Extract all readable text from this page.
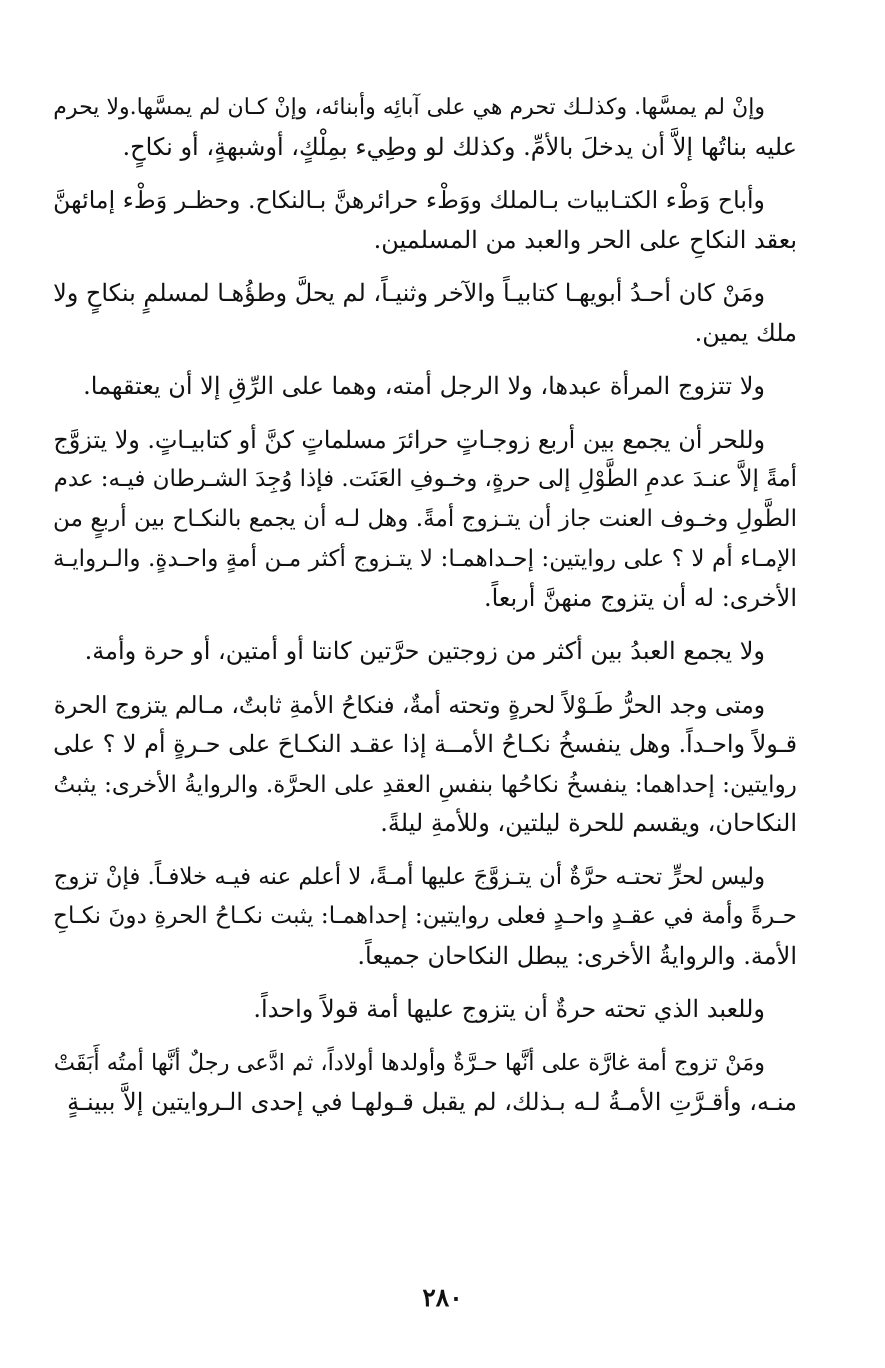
وإنْ لم يمسَّها. وكذلـك تحرم هي على آبائِه وأبنائه، وإنْ كـان لم يمسَّها.ولا يحرم
عليه بناتُها إلاَّ أن يدخلَ بالأمِّ. وكذلك لو وطِيء بمِلْكٍ، أوشبهةٍ، أو نكاحٍ.

وأباح وَطْء الكتـابيات بـالملك ووَطْء حرائرهنَّ بـالنكاح. وحظـر وَطْء إمائهنَّ
بعقد النكاحِ على الحر والعبد من المسلمين.

ومَنْ كان أحـدُ أبويهـا كتابيـاً والآخر وثنيـاً، لم يحلَّ وطؤُهـا لمسلمٍ بنكاحٍ ولا
ملك يمين.

ولا تتزوج المرأة عبدها، ولا الرجل أمته، وهما على الرِّقِ إلا أن يعتقهما.

وللحر أن يجمع بين أربع زوجـاتٍ حرائرَ مسلماتٍ كنَّ أو كتابيـاتٍ. ولا يتزوَّج
أمةً إلاَّ عنـدَ عدمِ الطَّوْلِ إلى حرةٍ، وخـوفِ العَنَت. فإذا وُجِدَ الشـرطان فيـه: عدم
الطَّولِ وخـوف العنت جاز أن يتـزوج أمةً. وهل لـه أن يجمع بالنكـاح بين أربعٍ من
الإمـاء أم لا ؟ على روايتين: إحـداهمـا: لا يتـزوج أكثر مـن أمةٍ واحـدةٍ. والـروايـة
الأخرى: له أن يتزوج منهنَّ أربعاً.

ولا يجمع العبدُ بين أكثر من زوجتين حرَّتين كانتا أو أمتين، أو حرة وأمة.

ومتى وجد الحرُّ طَـوْلاً لحرةٍ وتحته أمةٌ، فنكاحُ الأمةِ ثابتٌ، مـالم يتزوج الحرة
قـولاً واحـداً. وهل ينفسخُ نكـاحُ الأمــة إذا عقـد النكـاحَ على حـرةٍ أم لا ؟ على
روايتين: إحداهما: ينفسخُ نكاحُها بنفسِ العقدِ على الحرَّة. والروايةُ الأخرى: يثبتُ
النكاحان، ويقسم للحرة ليلتين، وللأمةِ ليلةً.

وليس لحرٍّ تحتـه حرَّةٌ أن يتـزوَّجَ عليها أمـةً، لا أعلم عنه فيـه خلافـاً. فإنْ تزوج
حـرةً وأمة في عقـدٍ واحـدٍ فعلى روايتين: إحداهمـا: يثبت نكـاحُ الحرةِ دونَ نكـاحِ
الأمة. والروايةُ الأخرى: يبطل النكاحان جميعاً.

وللعبد الذي تحته حرةٌ أن يتزوج عليها أمة قولاً واحداً.

ومَنْ تزوج أمة غارَّة على أنَّها حـرَّةٌ وأولدها أولاداً، ثم ادَّعى رجلٌ أنَّها أمتُه أَبَقَتْ
منـه، وأقـرَّتِ الأمـةُ لـه بـذلك، لم يقبل قـولهـا في إحدى الـروايتين إلاَّ ببينـةٍ

٢٨٠
